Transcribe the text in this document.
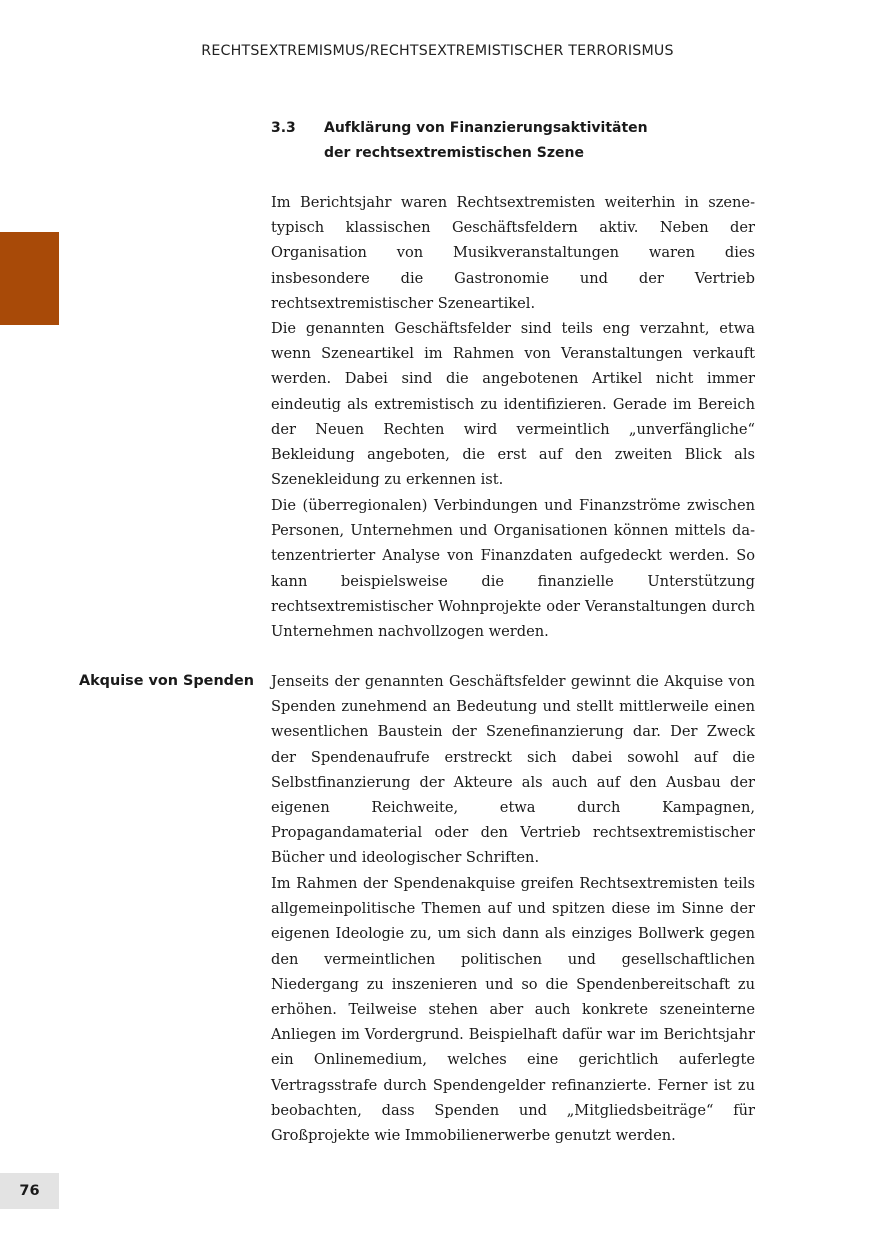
RECHTSEXTREMISMUS/RECHTSEXTREMISTISCHER TERRORISMUS
3.3 Aufklärung von Finanzierungsaktivitäten
der rechtsextremistischen Szene

Im Berichtsjahr waren Rechtsextremisten weiterhin in szenetypisch klassischen Geschäftsfeldern aktiv. Neben der Organisation von Musikveranstaltungen waren dies insbesondere die Gastronomie und der Vertrieb rechtsextremistischer Szeneartikel.

Die genannten Geschäftsfelder sind teils eng verzahnt, etwa wenn Szeneartikel im Rahmen von Veranstaltungen verkauft werden. Dabei sind die angebotenen Artikel nicht immer eindeutig als extremistisch zu identifizieren. Gerade im Bereich der Neuen Rechten wird vermeintlich „unverfängliche“ Bekleidung angeboten, die erst auf den zweiten Blick als Szenekleidung zu erkennen ist.

Die (überregionalen) Verbindungen und Finanzströme zwischen Personen, Unternehmen und Organisationen können mittels datenzentrierter Analyse von Finanzdaten aufgedeckt werden. So kann beispielsweise die finanzielle Unterstützung rechtsextremistischer Wohnprojekte oder Veranstaltungen durch Unternehmen nachvollzogen werden.

Akquise von Spenden Jenseits der genannten Geschäftsfelder gewinnt die Akquise von Spenden zunehmend an Bedeutung und stellt mittlerweile einen wesentlichen Baustein der Szenefinanzierung dar. Der Zweck der Spendenaufrufe erstreckt sich dabei sowohl auf die Selbstfinanzierung der Akteure als auch auf den Ausbau der eigenen Reichweite, etwa durch Kampagnen, Propagandamaterial oder den Vertrieb rechtsextremistischer Bücher und ideologischer Schriften.

Im Rahmen der Spendenakquise greifen Rechtsextremisten teils allgemeinpolitische Themen auf und spitzen diese im Sinne der eigenen Ideologie zu, um sich dann als einziges Bollwerk gegen den vermeintlichen politischen und gesellschaftlichen Niedergang zu inszenieren und so die Spendenbereitschaft zu erhöhen. Teilweise stehen aber auch konkrete szeneinterne Anliegen im Vordergrund. Beispielhaft dafür war im Berichtsjahr ein Onlinemedium, welches eine gerichtlich auferlegte Vertragsstrafe durch Spendengelder refinanzierte. Ferner ist zu beobachten, dass Spenden und „Mitgliedsbeiträge“ für Großprojekte wie Immobilienerwerbe genutzt werden.

76
